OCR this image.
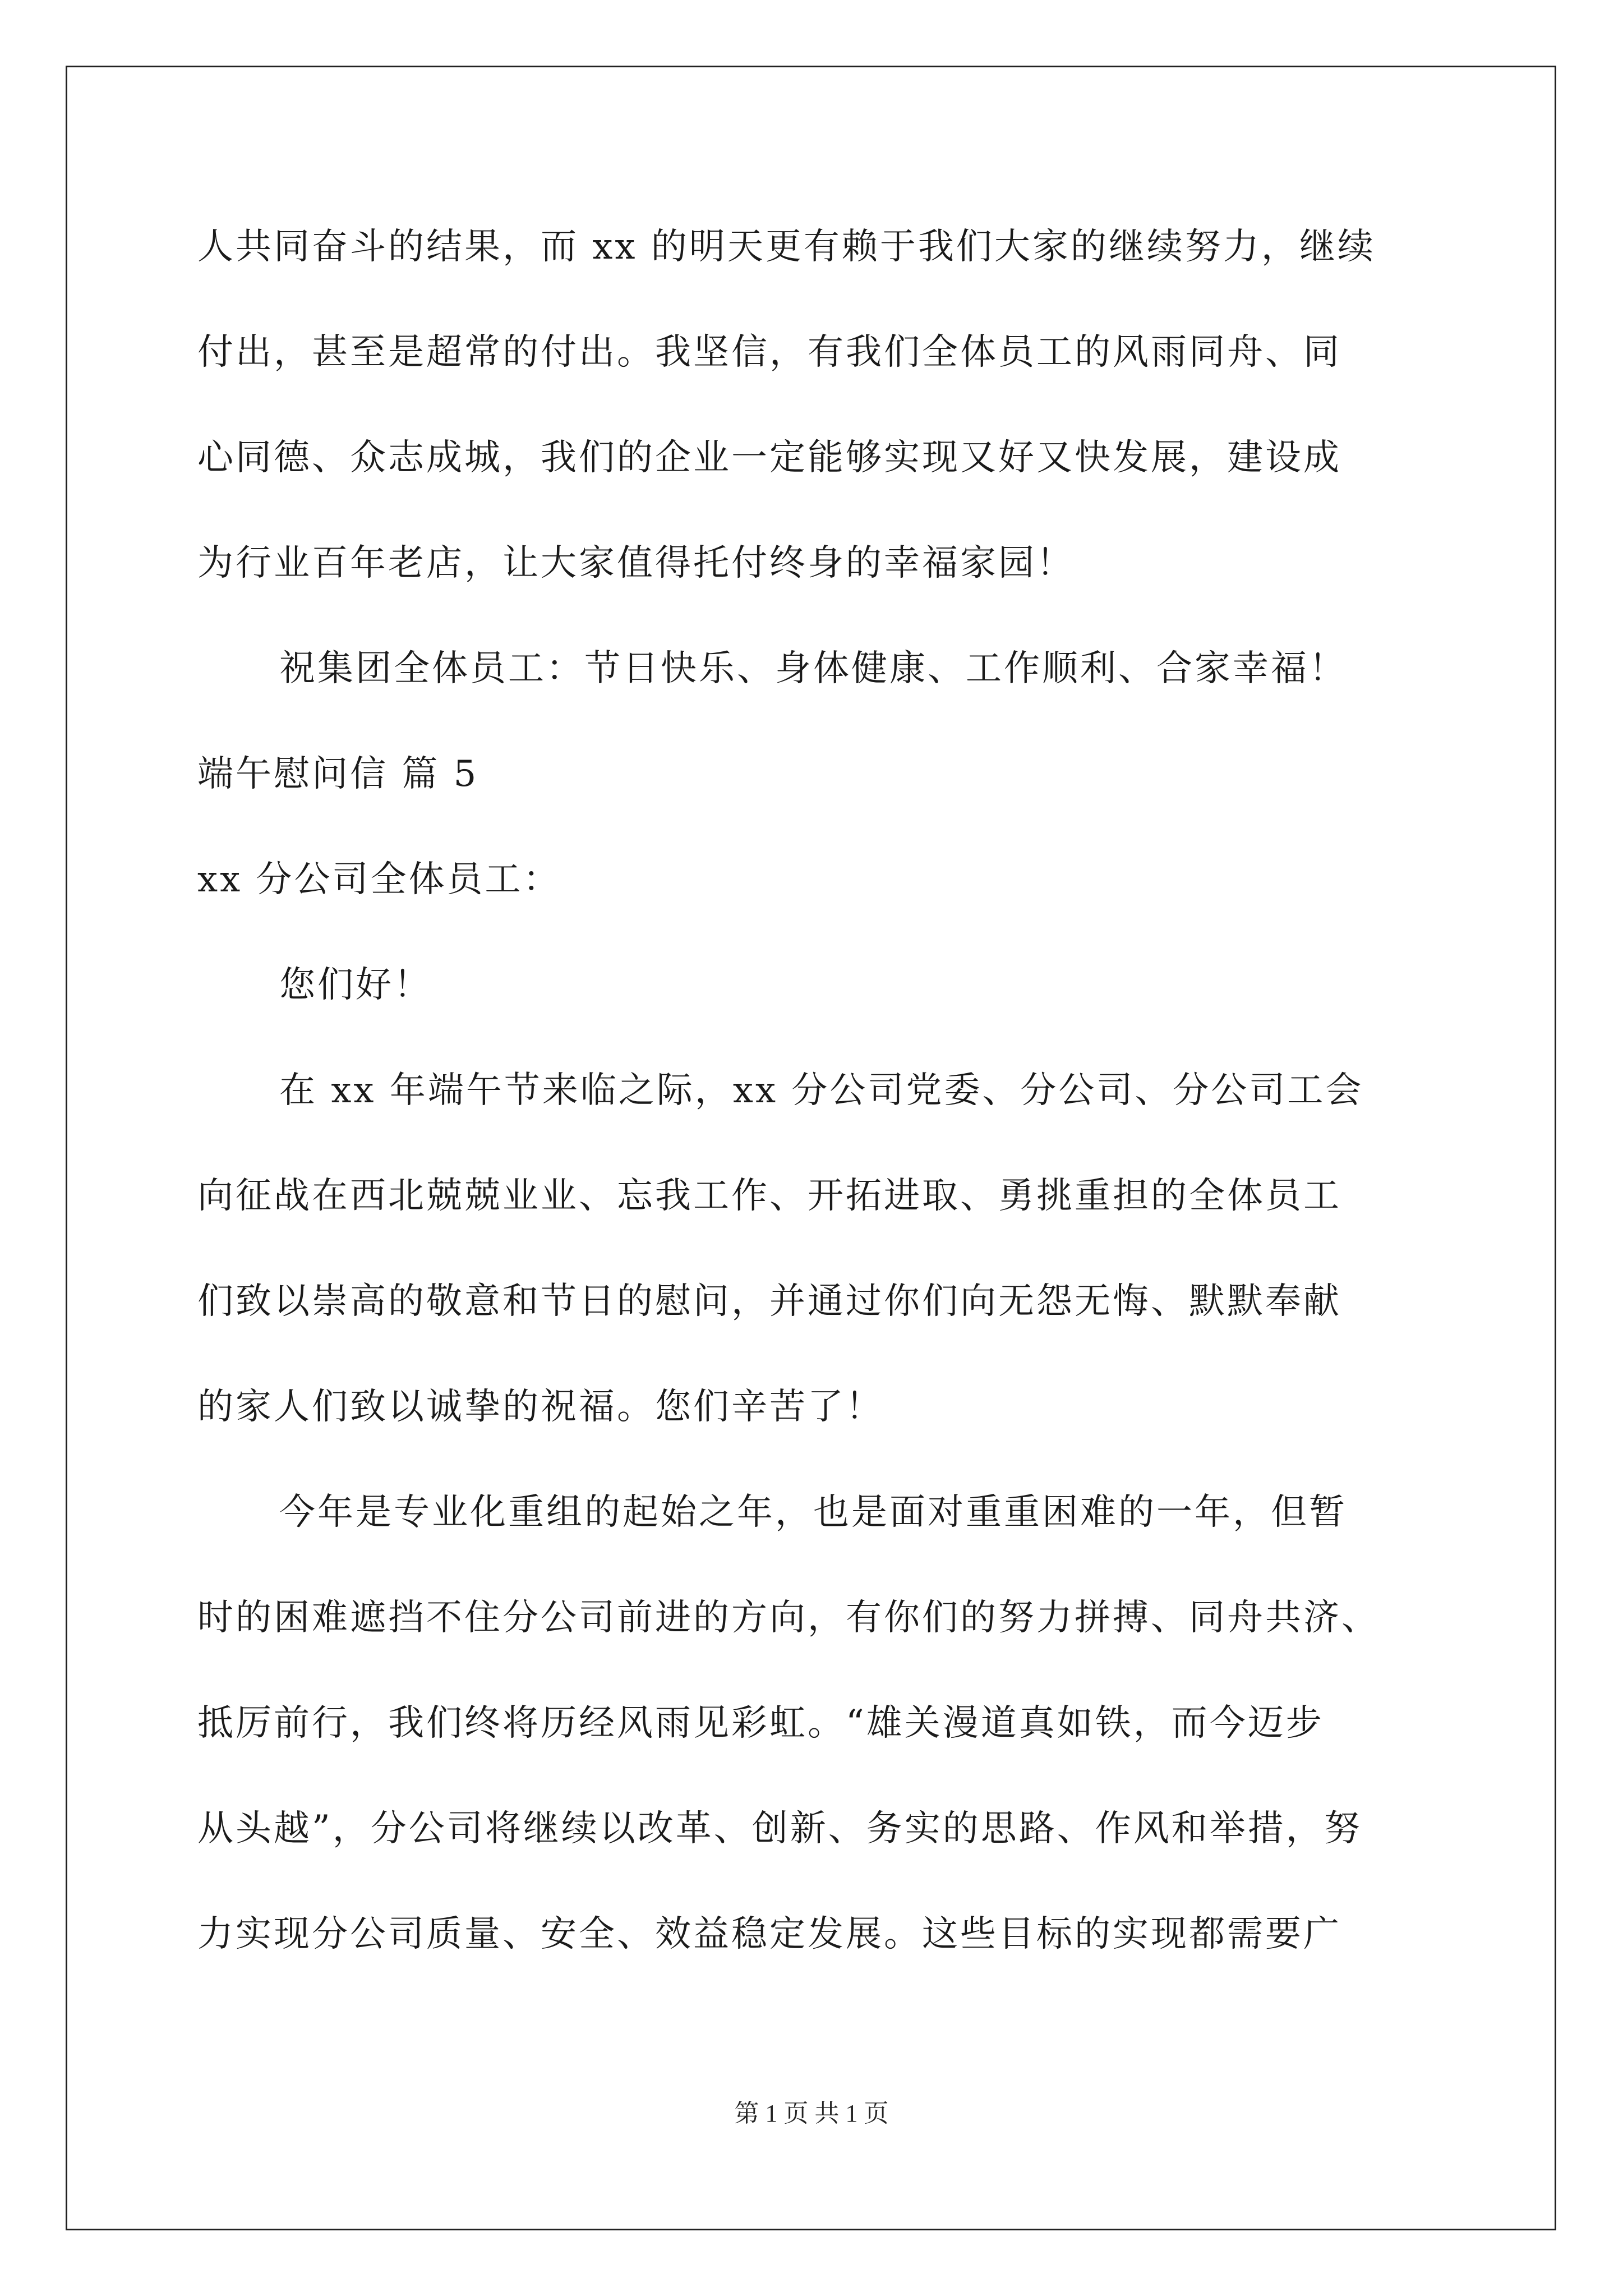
人共同奋斗的结果，而 xx 的明天更有赖于我们大家的继续努力，继续
付出，甚至是超常的付出。我坚信，有我们全体员工的风雨同舟、同
心同德、众志成城，我们的企业一定能够实现又好又快发展，建设成
为行业百年老店，让大家值得托付终身的幸福家园！
祝集团全体员工：节日快乐、身体健康、工作顺利、合家幸福！
端午慰问信 篇 5
xx 分公司全体员工：
您们好！
在 xx 年端午节来临之际，xx 分公司党委、分公司、分公司工会
向征战在西北兢兢业业、忘我工作、开拓进取、勇挑重担的全体员工
们致以崇高的敬意和节日的慰问，并通过你们向无怨无悔、默默奉献
的家人们致以诚挚的祝福。您们辛苦了！
今年是专业化重组的起始之年，也是面对重重困难的一年，但暂
时的困难遮挡不住分公司前进的方向，有你们的努力拼搏、同舟共济、
抵厉前行，我们终将历经风雨见彩虹。“雄关漫道真如铁，而今迈步
从头越”，分公司将继续以改革、创新、务实的思路、作风和举措，努
力实现分公司质量、安全、效益稳定发展。这些目标的实现都需要广
第 1 页 共 1 页
